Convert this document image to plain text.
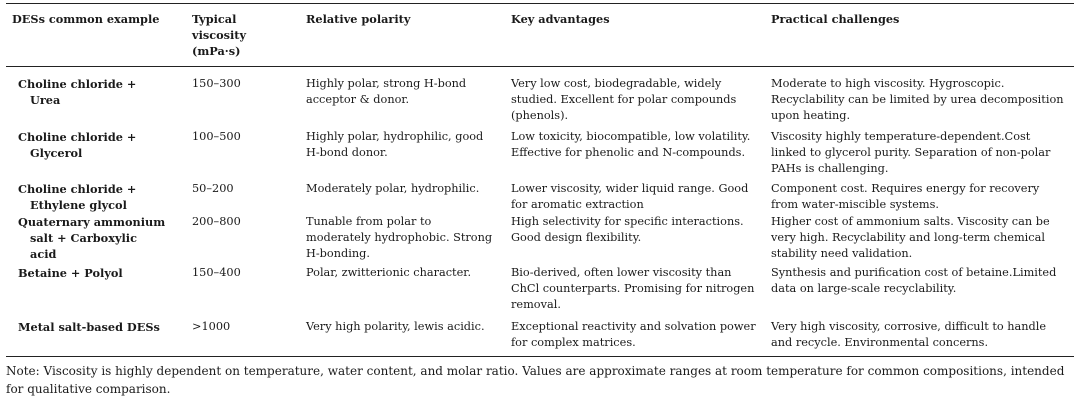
DESs common example	Typical viscosity (mPa·s)	Relative polarity	Key advantages	Practical challenges
Choline chloride +
Urea	150–300	Highly polar, strong H-bond acceptor & donor.	Very low cost, biodegradable, widely studied. Excellent for polar compounds (phenols).	Moderate to high viscosity. Hygroscopic. Recyclability can be limited by urea decomposition upon heating.
Choline chloride +
Glycerol	100–500	Highly polar, hydrophilic, good H-bond donor.	Low toxicity, biocompatible, low volatility. Effective for phenolic and N-compounds.	Viscosity highly temperature-dependent.Cost linked to glycerol purity. Separation of non-polar PAHs is challenging.
Choline chloride +
Ethylene glycol	50–200	Moderately polar, hydrophilic.	Lower viscosity, wider liquid range. Good for aromatic extraction	Component cost. Requires energy for recovery from water-miscible systems.
Quaternary ammonium
salt + Carboxylic
acid	200–800	Tunable from polar to moderately hydrophobic. Strong H-bonding.	High selectivity for specific interactions. Good design flexibility.	Higher cost of ammonium salts. Viscosity can be very high. Recyclability and long-term chemical stability need validation.
Betaine + Polyol	150–400	Polar, zwitterionic character.	Bio-derived, often lower viscosity than ChCl counterparts. Promising for nitrogen removal.	Synthesis and purification cost of betaine.Limited data on large-scale recyclability.
Metal salt-based DESs	>1000	Very high polarity, lewis acidic.	Exceptional reactivity and solvation power for complex matrices.	Very high viscosity, corrosive, difficult to handle and recycle. Environmental concerns.

Note: Viscosity is highly dependent on temperature, water content, and molar ratio. Values are approximate ranges at room temperature for common compositions, intended for qualitative comparison.
